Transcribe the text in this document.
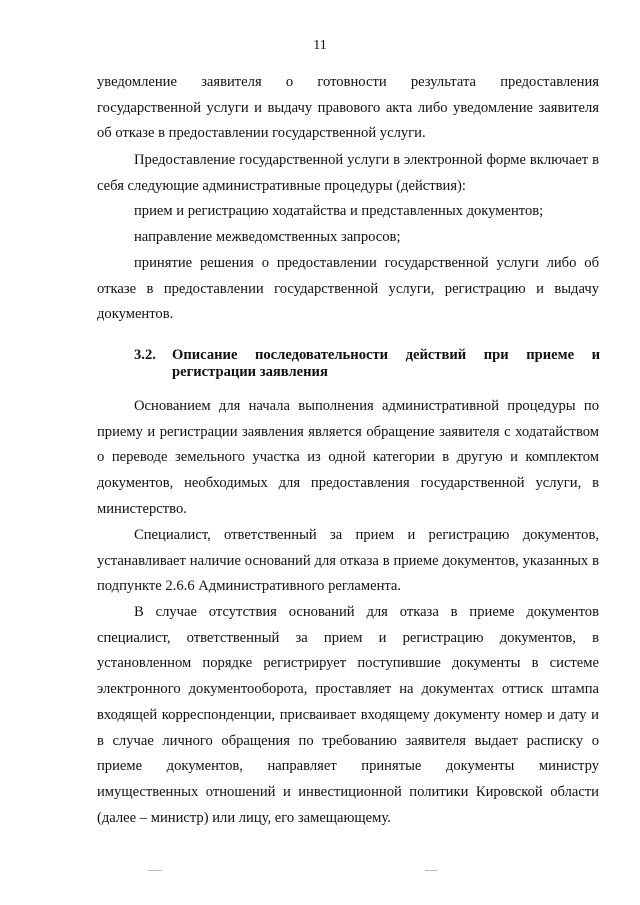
11
уведомление заявителя о готовности результата предоставления государственной услуги и выдачу правового акта либо уведомление заявителя об отказе в предоставлении государственной услуги.
Предоставление государственной услуги в электронной форме включает в себя следующие административные процедуры (действия):
прием и регистрацию ходатайства и представленных документов;
направление межведомственных запросов;
принятие решения о предоставлении государственной услуги либо об отказе в предоставлении государственной услуги, регистрацию и выдачу документов.
3.2. Описание последовательности действий при приеме и регистрации заявления
Основанием для начала выполнения административной процедуры по приему и регистрации заявления является обращение заявителя с ходатайством о переводе земельного участка из одной категории в другую и комплектом документов, необходимых для предоставления государственной услуги, в министерство.
Специалист, ответственный за прием и регистрацию документов, устанавливает наличие оснований для отказа в приеме документов, указанных в подпункте 2.6.6 Административного регламента.
В случае отсутствия оснований для отказа в приеме документов специалист, ответственный за прием и регистрацию документов, в установленном порядке регистрирует поступившие документы в системе электронного документооборота, проставляет на документах оттиск штампа входящей корреспонденции, присваивает входящему документу номер и дату и в случае личного обращения по требованию заявителя выдает расписку о приеме документов, направляет принятые документы министру имущественных отношений и инвестиционной политики Кировской области (далее – министр) или лицу, его замещающему.
